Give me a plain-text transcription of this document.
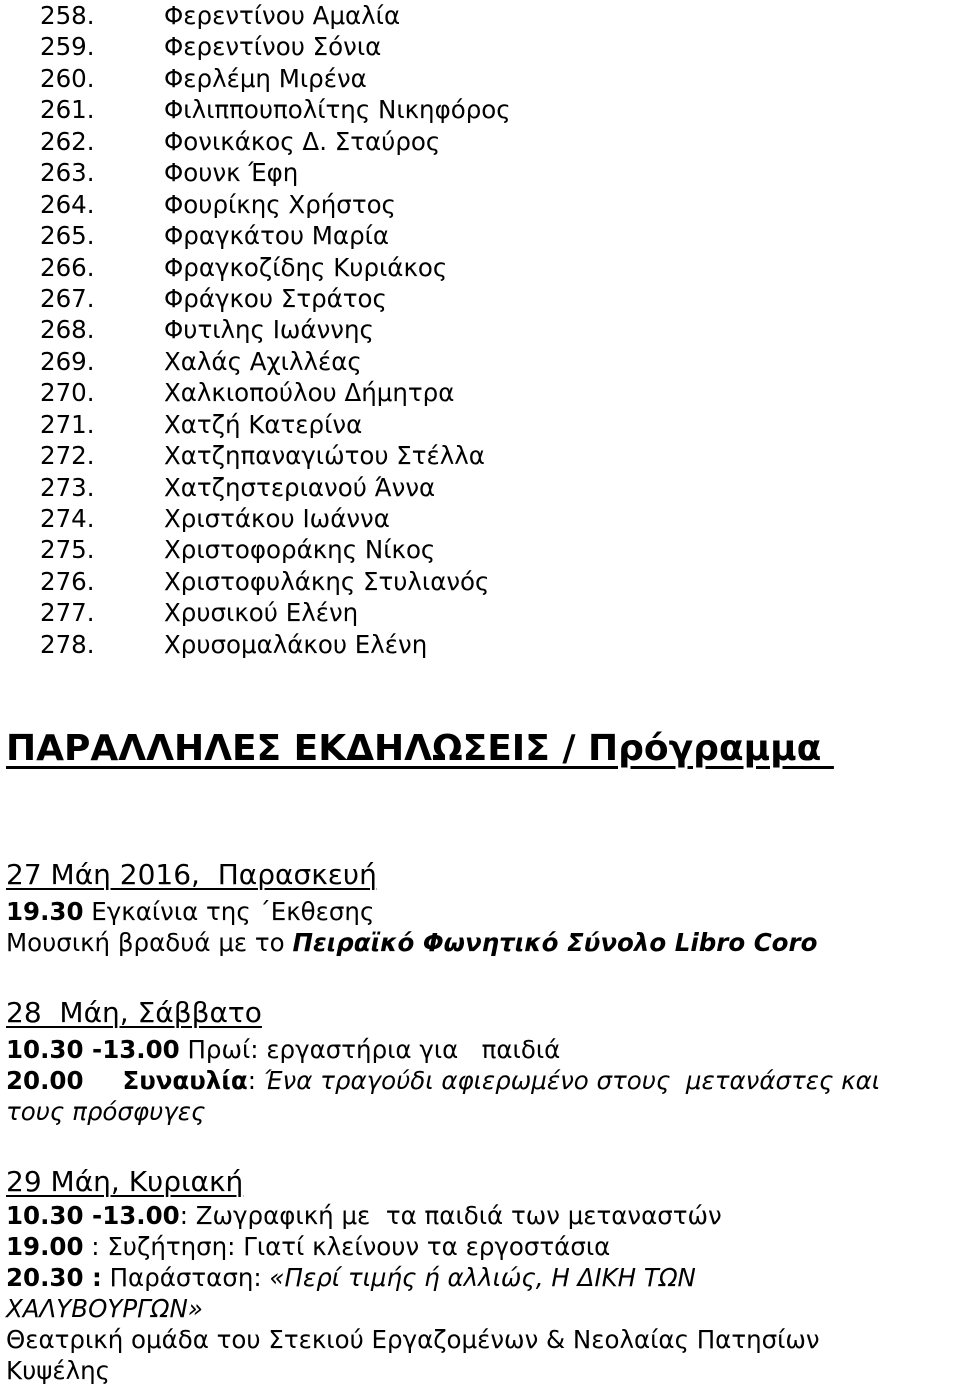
258.	Φερεντίνου Αμαλία
259.	Φερεντίνου Σόνια
260.	Φερλέμη Μιρένα
261.	Φιλιππουπολίτης Νικηφόρος
262.	Φονικάκος Δ. Σταύρος
263.	Φουνκ Έφη
264.	Φουρίκης Χρήστος
265.	Φραγκάτου Μαρία
266.	Φραγκοζίδης Κυριάκος
267.	Φράγκου Στράτος
268.	Φυτιλης Ιωάννης
269.	Χαλάς Αχιλλέας
270.	Χαλκιοπούλου Δήμητρα
271.	Χατζή Κατερίνα
272.	Χατζηπαναγιώτου Στέλλα
273.	Χατζηστεριανού Άννα
274.	Χριστάκου Ιωάννα
275.	Χριστοφοράκης Νίκος
276.	Χριστοφυλάκης Στυλιανός
277.	Χρυσικού Ελένη
278.	Χρυσομαλάκου Ελένη
ΠΑΡΑΛΛΗΛΕΣ ΕΚΔΗΛΩΣΕΙΣ / Πρόγραμμα
27 Μάη 2016,  Παρασκευή
19.30 Εγκαίνια της ΄Εκθεσης
Μουσική βραδυά με το Πειραϊκό Φωνητικό Σύνολο Libro Coro
28  Μάη, Σάββατο
10.30 -13.00 Πρωί: εργαστήρια για   παιδιά
20.00 Συναυλία: Ένα τραγούδι αφιερωμένο στους  μετανάστες και
τους πρόσφυγες
29 Μάη, Κυριακή
10.30 -13.00: Ζωγραφική με  τα παιδιά των μεταναστών
19.00 : Συζήτηση: Γιατί κλείνουν τα εργοστάσια
20.30 : Παράσταση: «Περί τιμής ή αλλιώς, Η ΔΙΚΗ ΤΩΝ
ΧΑΛΥΒΟΥΡΓΩΝ»
Θεατρική ομάδα του Στεκιού Εργαζομένων & Νεολαίας Πατησίων
Κυψέλης
